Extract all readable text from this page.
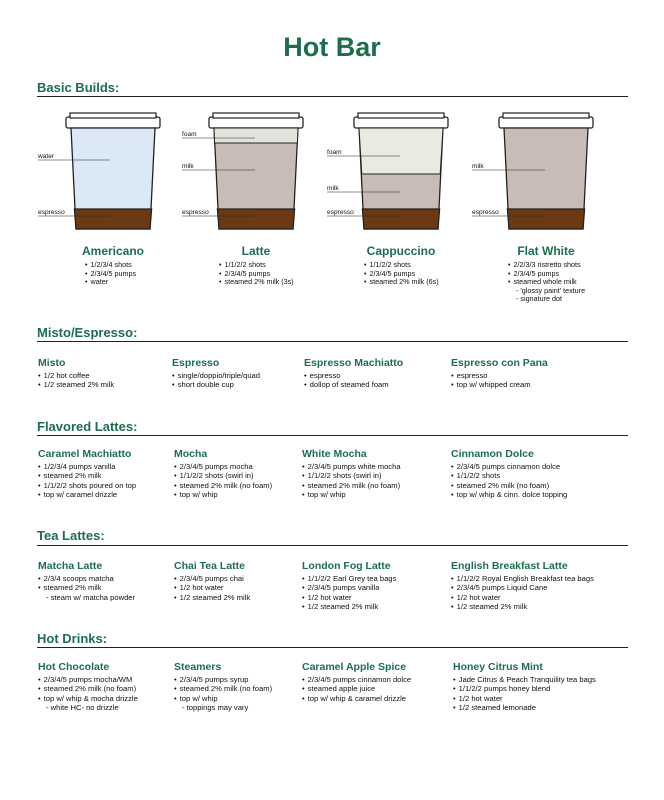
Hot Bar
Basic Builds:
water
espresso
foam
milk
espresso
foam
milk
espresso
milk
espresso
Americano	Latte	Cappuccino	Flat White
• 1/2/3/4 shots
• 2/3/4/5 pumps
• water
• 1/1/2/2 shots
• 2/3/4/5 pumps
• steamed 2% milk (3s)
• 1/1/2/2 shots
• 2/3/4/5 pumps
• steamed 2% milk (6s)
• 2/2/3/3 ristretto shots
• 2/3/4/5 pumps
• steamed whole milk
- 'glossy paint' texture
- signature dot
Misto/Espresso:
Misto
• 1/2 hot coffee
• 1/2 steamed 2% milk
Espresso
• single/doppio/triple/quad
• short double cup
Espresso Machiatto
• espresso
• dollop of steamed foam
Espresso con Pana
• espresso
• top w/ whipped cream
Flavored Lattes:
Caramel Machiatto
• 1/2/3/4 pumps vanilla
• steamed 2% milk
• 1/1/2/2 shots poured on top
• top w/ caramel drizzle
Mocha
• 2/3/4/5 pumps mocha
• 1/1/2/2 shots (swirl in)
• steamed 2% milk (no foam)
• top w/ whip
White Mocha
• 2/3/4/5 pumps white mocha
• 1/1/2/2 shots (swirl in)
• steamed 2% milk (no foam)
• top w/ whip
Cinnamon Dolce
• 2/3/4/5 pumps cinnamon dolce
• 1/1/2/2 shots
• steamed 2% milk (no foam)
• top w/ whip & cinn. dolce topping
Tea Lattes:
Matcha Latte
• 2/3/4 scoops matcha
• steamed 2% milk
- steam w/ matcha powder
Chai Tea Latte
• 2/3/4/5 pumps chai
• 1/2 hot water
• 1/2 steamed 2% milk
London Fog Latte
• 1/1/2/2 Earl Grey tea bags
• 2/3/4/5 pumps vanilla
• 1/2 hot water
• 1/2 steamed 2% milk
English Breakfast Latte
• 1/1/2/2 Royal English Breakfast tea bags
• 2/3/4/5 pumps Liquid Cane
• 1/2 hot water
• 1/2 steamed 2% milk
Hot Drinks:
Hot Chocolate
• 2/3/4/5 pumps mocha/WM
• steamed 2% milk (no foam)
• top w/ whip & mocha drizzle
- white HC- no drizzle
Steamers
• 2/3/4/5 pumps syrup
• steamed 2% milk (no foam)
• top w/ whip
- toppings may vary
Caramel Apple Spice
• 2/3/4/5 pumps cinnamon dolce
• steamed apple juice
• top w/ whip & caramel drizzle
Honey Citrus Mint
• Jade Citrus & Peach Tranquility tea bags
• 1/1/2/2 pumps honey blend
• 1/2 hot water
• 1/2 steamed lemonade
